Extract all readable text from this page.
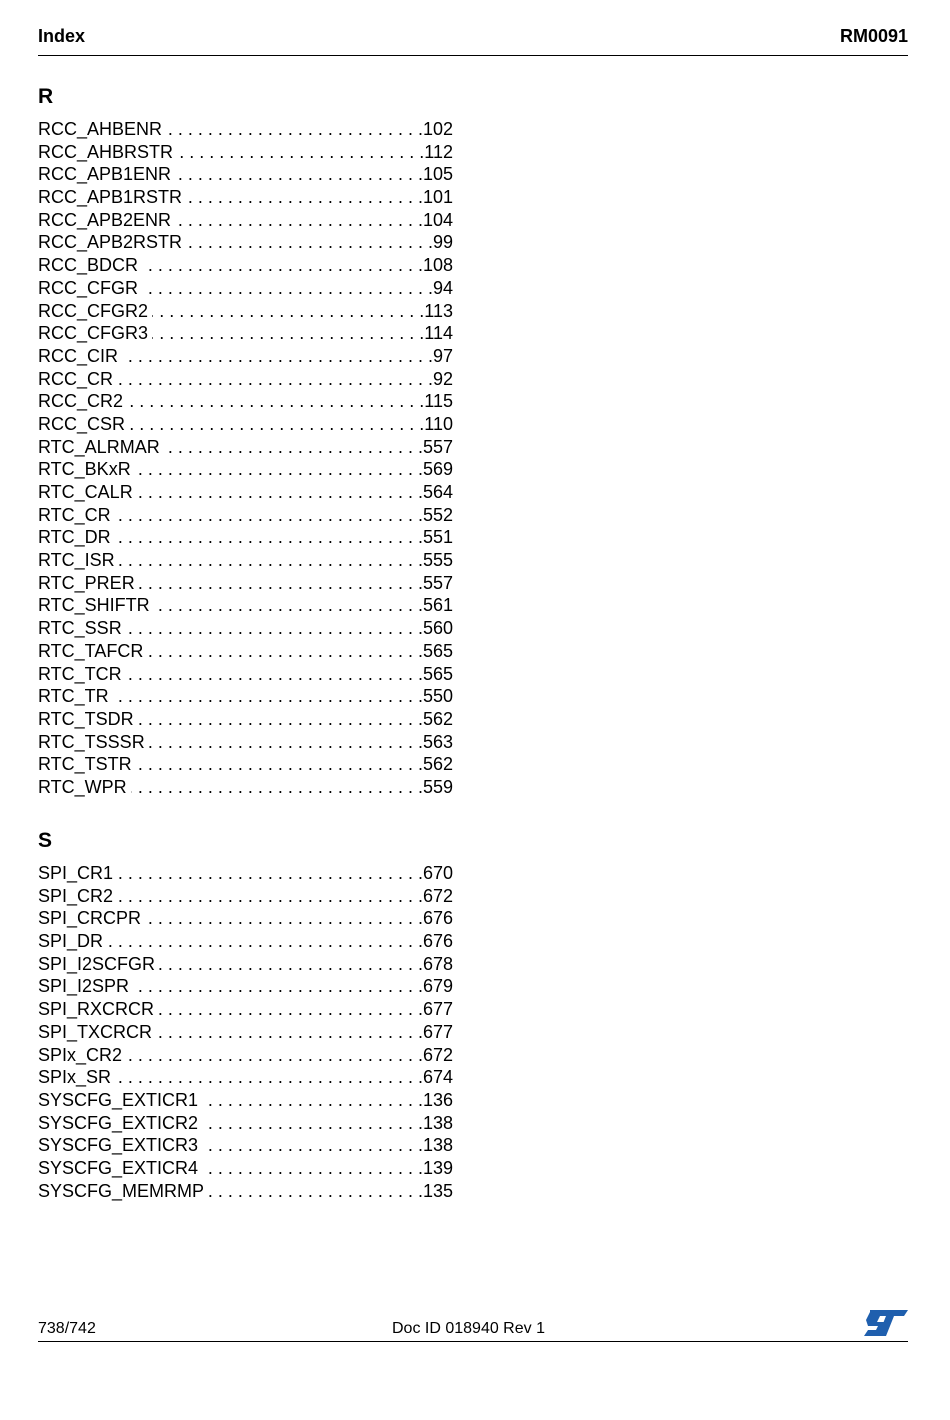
Index	RM0091
R
RCC_AHBENR . . .	102
RCC_AHBRSTR . . .	112
RCC_APB1ENR . . .	105
RCC_APB1RSTR . . .	101
RCC_APB2ENR . . .	104
RCC_APB2RSTR . . .	99
RCC_BDCR . . .	108
RCC_CFGR . . .	94
RCC_CFGR2 . . .	113
RCC_CFGR3 . . .	114
RCC_CIR . . .	97
RCC_CR . . .	92
RCC_CR2 . . .	115
RCC_CSR . . .	110
RTC_ALRMAR . . .	557
RTC_BKxR . . .	569
RTC_CALR . . .	564
RTC_CR . . .	552
RTC_DR . . .	551
RTC_ISR . . .	555
RTC_PRER . . .	557
RTC_SHIFTR . . .	561
RTC_SSR . . .	560
RTC_TAFCR . . .	565
RTC_TCR . . .	565
RTC_TR . . .	550
RTC_TSDR . . .	562
RTC_TSSSR . . .	563
RTC_TSTR . . .	562
RTC_WPR . . .	559
S
SPI_CR1 . . .	670
SPI_CR2 . . .	672
SPI_CRCPR . . .	676
SPI_DR . . .	676
SPI_I2SCFGR . . .	678
SPI_I2SPR . . .	679
SPI_RXCRCR . . .	677
SPI_TXCRCR . . .	677
SPIx_CR2 . . .	672
SPIx_SR . . .	674
SYSCFG_EXTICR1 . . .	136
SYSCFG_EXTICR2 . . .	138
SYSCFG_EXTICR3 . . .	138
SYSCFG_EXTICR4 . . .	139
SYSCFG_MEMRMP . . .	135
738/742	Doc ID 018940 Rev 1
